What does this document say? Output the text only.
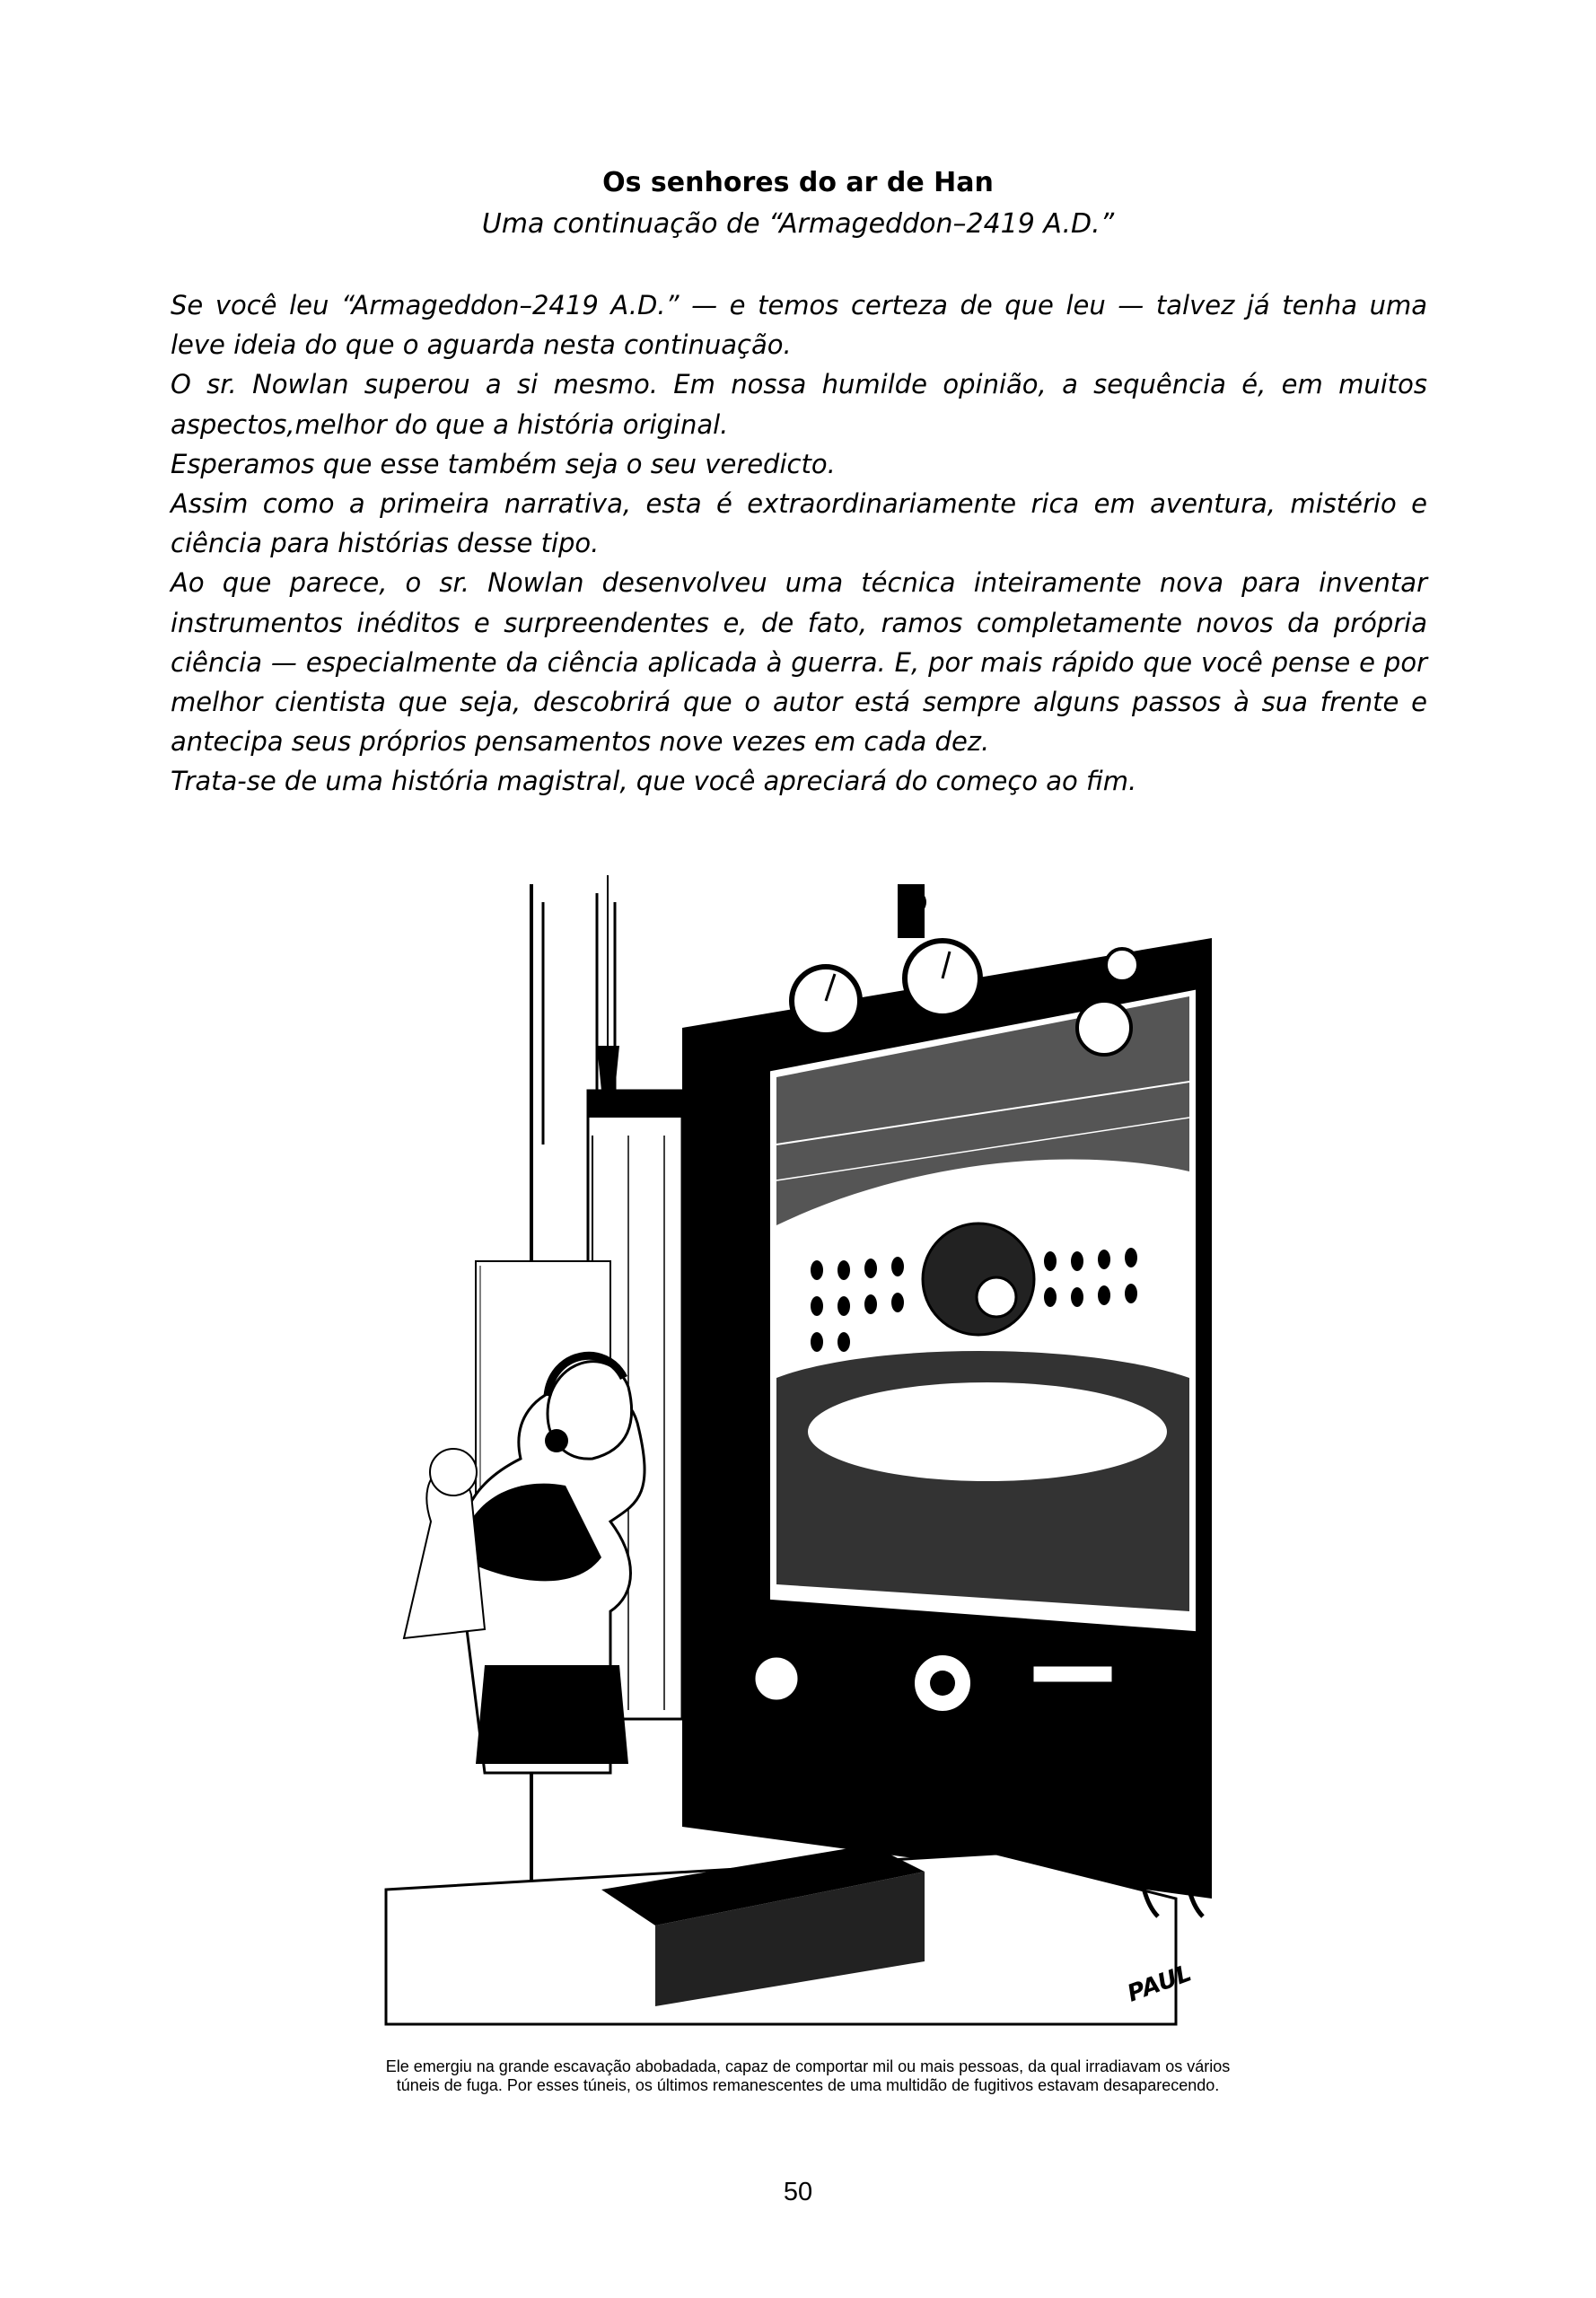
Os senhores do ar de Han
Uma continuação de “Armageddon–2419 A.D.”

Se você leu “Armageddon–2419 A.D.” — e temos certeza de que leu — talvez já tenha uma leve ideia do que o aguarda nesta continuação.

O sr. Nowlan superou a si mesmo. Em nossa humilde opinião, a sequência é, em muitos aspectos,melhor do que a história original.

Esperamos que esse também seja o seu veredicto.

Assim como a primeira narrativa, esta é extraordinariamente rica em aventura, mistério e ciência para histórias desse tipo.

Ao que parece, o sr. Nowlan desenvolveu uma técnica inteiramente nova para inventar instrumentos inéditos e surpreendentes e, de fato, ramos completamente novos da própria ciência — especialmente da ciência aplicada à guerra. E, por mais rápido que você pense e por melhor cientista que seja, descobrirá que o autor está sempre alguns passos à sua frente e antecipa seus próprios pensamentos nove vezes em cada dez.

Trata-se de uma história magistral, que você apreciará do começo ao fim.

PAUL
Ele emergiu na grande escavação abobadada, capaz de comportar mil ou mais pessoas, da qual irradiavam os vários túneis de fuga. Por esses túneis, os últimos remanescentes de uma multidão de fugitivos estavam desaparecendo.
50
